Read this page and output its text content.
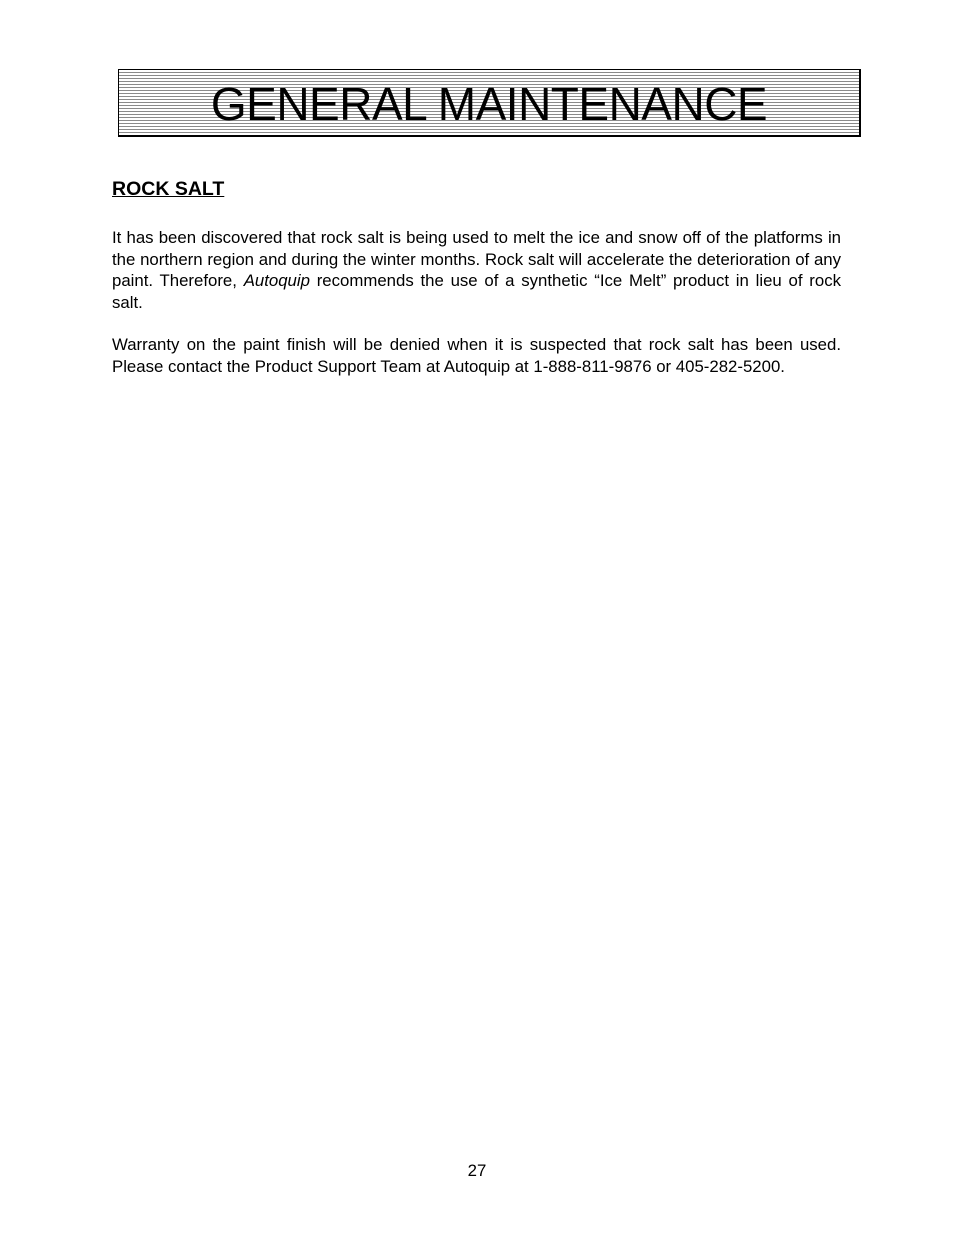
GENERAL MAINTENANCE
ROCK SALT

It has been discovered that rock salt is being used to melt the ice and snow off of the platforms in the northern region and during the winter months. Rock salt will accelerate the deterioration of any paint. Therefore, Autoquip recommends the use of a synthetic “Ice Melt” product in lieu of rock salt.

Warranty on the paint finish will be denied when it is suspected that rock salt has been used. Please contact the Product Support Team at Autoquip at 1-888-811-9876 or 405-282-5200.

27
